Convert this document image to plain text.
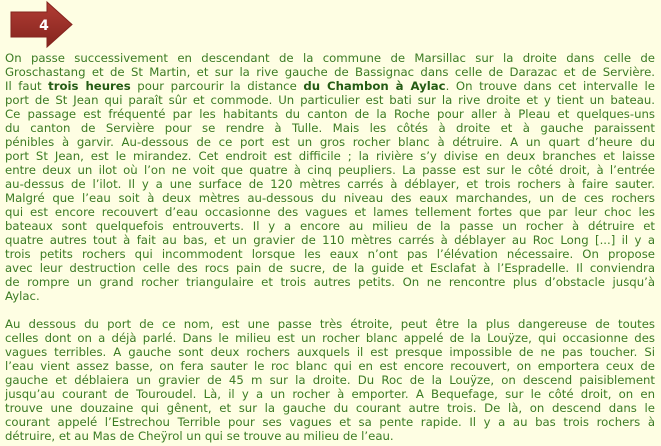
4
On passe successivement en descendant de la commune de Marsillac sur la droite dans celle de
Groschastang et de St Martin, et sur la rive gauche de Bassignac dans celle de Darazac et de Servière.
Il faut trois heures pour parcourir la distance du Chambon à Aylac. On trouve dans cet intervalle le
port de St Jean qui paraît sûr et commode. Un particulier est bati sur la rive droite et y tient un bateau.
Ce passage est fréquenté par les habitants du canton de la Roche pour aller à Pleau et quelques-uns
du canton de Servière pour se rendre à Tulle. Mais les côtés à droite et à gauche paraissent
pénibles à garvir. Au-dessous de ce port est un gros rocher blanc à détruire. A un quart d’heure du
port St Jean, est le mirandez. Cet endroit est difficile ; la rivière s’y divise en deux branches et laisse
entre deux un ilot où l’on ne voit que quatre à cinq peupliers. La passe est sur le côté droit, à l’entrée
au-dessus de l’ilot. Il y a une surface de 120 mètres carrés à déblayer, et trois rochers à faire sauter.
Malgré que l’eau soit à deux mètres au-dessous du niveau des eaux marchandes, un de ces rochers
qui est encore recouvert d’eau occasionne des vagues et lames tellement fortes que par leur choc les
bateaux sont quelquefois entrouverts. Il y a encore au milieu de la passe un rocher à détruire et
quatre autres tout à fait au bas, et un gravier de 110 mètres carrés à déblayer au Roc Long [...] il y a
trois petits rochers qui incommodent lorsque les eaux n’ont pas l’élévation nécessaire. On propose
avec leur destruction celle des rocs pain de sucre, de la guide et Esclafat à l’Espradelle. Il conviendra
de rompre un grand rocher triangulaire et trois autres petits. On ne rencontre plus d’obstacle jusqu’à
Aylac.
Au dessous du port de ce nom, est une passe très étroite, peut être la plus dangereuse de toutes
celles dont on a déjà parlé. Dans le milieu est un rocher blanc appelé de la Louÿze, qui occasionne des
vagues terribles. A gauche sont deux rochers auxquels il est presque impossible de ne pas toucher. Si
l’eau vient assez basse, on fera sauter le roc blanc qui en est encore recouvert, on emportera ceux de
gauche et déblaiera un gravier de 45 m sur la droite. Du Roc de la Louÿze, on descend paisiblement
jusqu’au courant de Touroudel. Là, il y a un rocher à emporter. A Bequefage, sur le côté droit, on en
trouve une douzaine qui gênent, et sur la gauche du courant autre trois. De là, on descend dans le
courant appelé l’Estrechou Terrible pour ses vagues et sa pente rapide. Il y a au bas trois rochers à
détruire, et au Mas de Cheÿrol un qui se trouve au milieu de l’eau.
